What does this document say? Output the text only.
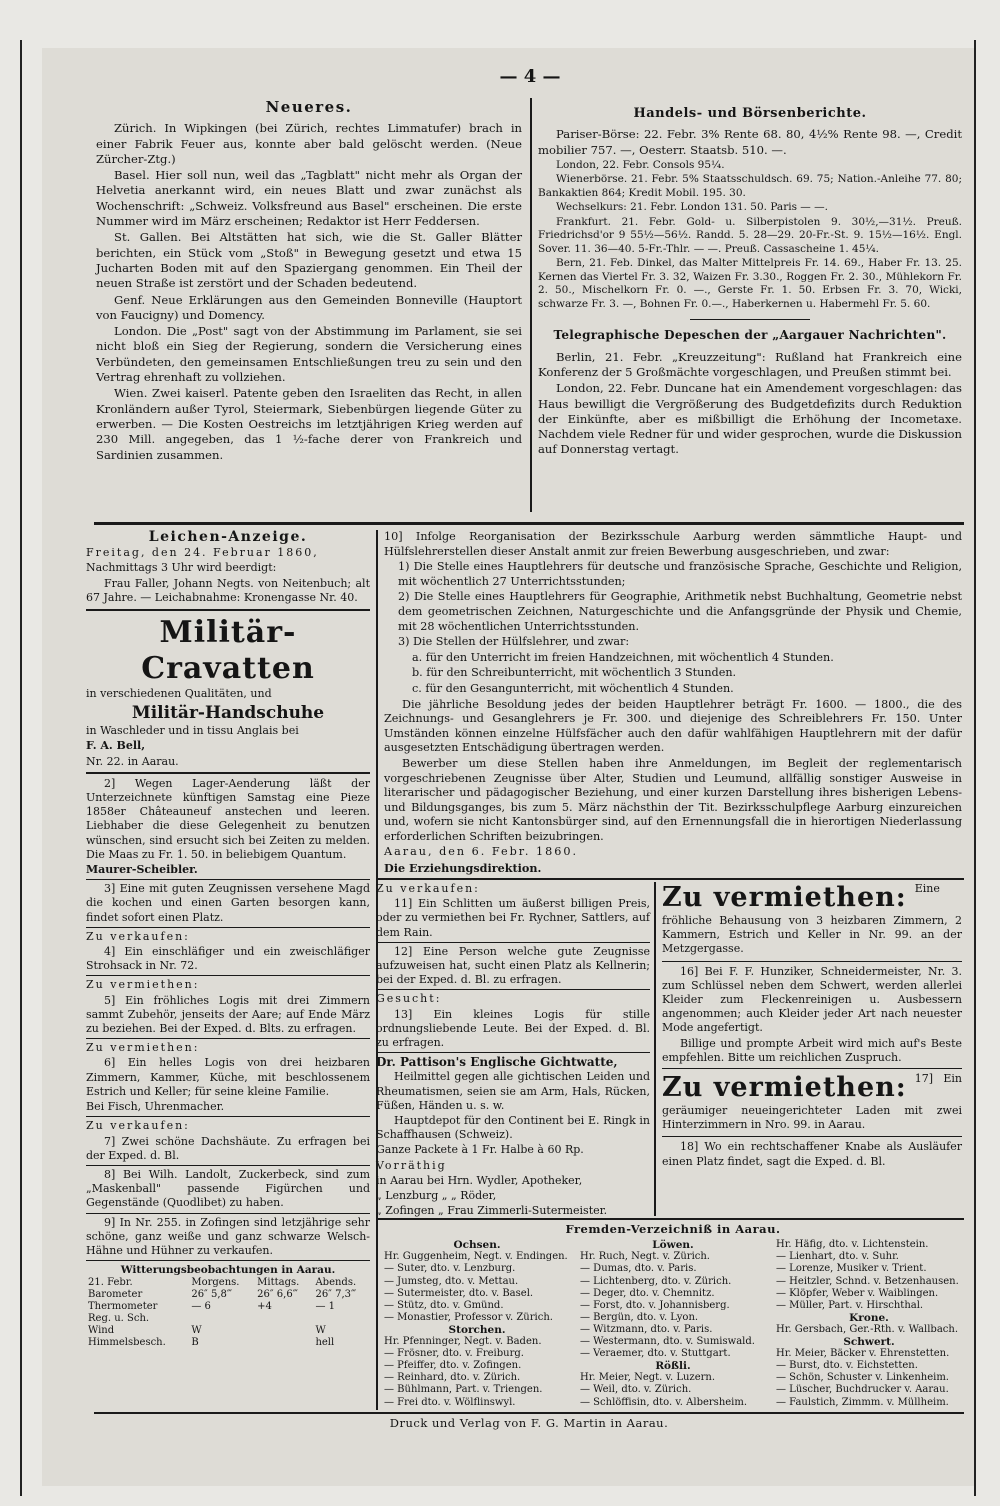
— 4 —
Neueres.

Zürich. In Wipkingen (bei Zürich, rechtes Limmatufer) brach in einer Fabrik Feuer aus, konnte aber bald gelöscht werden. (Neue Zürcher-Ztg.)

Basel. Hier soll nun, weil das „Tagblatt" nicht mehr als Organ der Helvetia anerkannt wird, ein neues Blatt und zwar zunächst als Wochenschrift: „Schweiz. Volksfreund aus Basel" erscheinen. Die erste Nummer wird im März erscheinen; Redaktor ist Herr Feddersen.

St. Gallen. Bei Altstätten hat sich, wie die St. Galler Blätter berichten, ein Stück vom „Stoß" in Bewegung gesetzt und etwa 15 Jucharten Boden mit auf den Spaziergang genommen. Ein Theil der neuen Straße ist zerstört und der Schaden bedeutend.

Genf. Neue Erklärungen aus den Gemeinden Bonneville (Hauptort von Faucigny) und Domency.

London. Die „Post" sagt von der Abstimmung im Parlament, sie sei nicht bloß ein Sieg der Regierung, sondern die Versicherung eines Verbündeten, den gemeinsamen Entschließungen treu zu sein und den Vertrag ehrenhaft zu vollziehen.

Wien. Zwei kaiserl. Patente geben den Israeliten das Recht, in allen Kronländern außer Tyrol, Steiermark, Siebenbürgen liegende Güter zu erwerben. — Die Kosten Oestreichs im letztjährigen Krieg werden auf 230 Mill. angegeben, das 1 ½-fache derer von Frankreich und Sardinien zusammen.

Handels- und Börsenberichte.

Pariser-Börse: 22. Febr. 3% Rente 68. 80, 4½% Rente 98. —, Credit mobilier 757. —, Oesterr. Staatsb. 510. —.

London, 22. Febr. Consols 95¼.

Wienerbörse. 21. Febr. 5% Staatsschuldsch. 69. 75; Nation.-Anleihe 77. 80; Bankaktien 864; Kredit Mobil. 195. 30.

Wechselkurs: 21. Febr. London 131. 50. Paris — —.

Frankfurt. 21. Febr. Gold- u. Silberpistolen 9. 30½,—31½. Preuß. Friedrichsd'or 9 55½—56½. Randd. 5. 28—29. 20-Fr.-St. 9. 15½—16½. Engl. Sover. 11. 36—40. 5-Fr.-Thlr. — —. Preuß. Cassascheine 1. 45¼.

Bern, 21. Feb. Dinkel, das Malter Mittelpreis Fr. 14. 69., Haber Fr. 13. 25. Kernen das Viertel Fr. 3. 32, Waizen Fr. 3.30., Roggen Fr. 2. 30., Mühlekorn Fr. 2. 50., Mischelkorn Fr. 0. —., Gerste Fr. 1. 50. Erbsen Fr. 3. 70, Wicki, schwarze Fr. 3. —, Bohnen Fr. 0.—., Haberkernen u. Habermehl Fr. 5. 60.

Telegraphische Depeschen der „Aargauer Nachrichten".

Berlin, 21. Febr. „Kreuzzeitung": Rußland hat Frankreich eine Konferenz der 5 Großmächte vorgeschlagen, und Preußen stimmt bei.

London, 22. Febr. Duncane hat ein Amendement vorgeschlagen: das Haus bewilligt die Vergrößerung des Budgetdefizits durch Reduktion der Einkünfte, aber es mißbilligt die Erhöhung der Incometaxe. Nachdem viele Redner für und wider gesprochen, wurde die Diskussion auf Donnerstag vertagt.

Leichen-Anzeige.

Freitag, den 24. Februar 1860,

Nachmittags 3 Uhr wird beerdigt:

Frau Faller, Johann Negts. von Neitenbuch; alt 67 Jahre. — Leichabnahme: Kronengasse Nr. 40.

Militär-Cravatten

in verschiedenen Qualitäten, und

Militär-Handschuhe

in Waschleder und in tissu Anglais bei

F. A. Bell,

Nr. 22. in Aarau.

2] Wegen Lager-Aenderung läßt der Unterzeichnete künftigen Samstag eine Pieze 1858er Châteauneuf anstechen und leeren. Liebhaber die diese Gelegenheit zu benutzen wünschen, sind ersucht sich bei Zeiten zu melden. Die Maas zu Fr. 1. 50. in beliebigem Quantum.

Maurer-Scheibler.

3] Eine mit guten Zeugnissen versehene Magd die kochen und einen Garten besorgen kann, findet sofort einen Platz.

Zu verkaufen:

4] Ein einschläfiger und ein zweischläfiger Strohsack in Nr. 72.

Zu vermiethen:

5] Ein fröhliches Logis mit drei Zimmern sammt Zubehör, jenseits der Aare; auf Ende März zu beziehen. Bei der Exped. d. Blts. zu erfragen.

Zu vermiethen:

6] Ein helles Logis von drei heizbaren Zimmern, Kammer, Küche, mit beschlossenem Estrich und Keller; für seine kleine Familie.

Bei Fisch, Uhrenmacher.

Zu verkaufen:

7] Zwei schöne Dachshäute. Zu erfragen bei der Exped. d. Bl.

8] Bei Wilh. Landolt, Zuckerbeck, sind zum „Maskenball" passende Figürchen und Gegenstände (Quodlibet) zu haben.

9] In Nr. 255. in Zofingen sind letzjährige sehr schöne, ganz weiße und ganz schwarze Welsch-Hähne und Hühner zu verkaufen.

Witterungsbeobachtungen in Aarau.
21. Febr.	Morgens.	Mittags.	Abends.
Barometer	26″ 5,8‴	26″ 6,6‴	26″ 7,3‴
Thermometer	— 6	+4	— 1
Reg. u. Sch.			
Wind	W		W
Himmelsbesch.	B		hell

10] Infolge Reorganisation der Bezirksschule Aarburg werden sämmtliche Haupt- und Hülfslehrerstellen dieser Anstalt anmit zur freien Bewerbung ausgeschrieben, und zwar:

1) Die Stelle eines Hauptlehrers für deutsche und französische Sprache, Geschichte und Religion, mit wöchentlich 27 Unterrichtsstunden;

2) Die Stelle eines Hauptlehrers für Geographie, Arithmetik nebst Buchhaltung, Geometrie nebst dem geometrischen Zeichnen, Naturgeschichte und die Anfangsgründe der Physik und Chemie, mit 28 wöchentlichen Unterrichtsstunden.

3) Die Stellen der Hülfslehrer, und zwar:

a. für den Unterricht im freien Handzeichnen, mit wöchentlich 4 Stunden.

b. für den Schreibunterricht, mit wöchentlich 3 Stunden.

c. für den Gesangunterricht, mit wöchentlich 4 Stunden.

Die jährliche Besoldung jedes der beiden Hauptlehrer beträgt Fr. 1600. — 1800., die des Zeichnungs- und Gesanglehrers je Fr. 300. und diejenige des Schreiblehrers Fr. 150. Unter Umständen können einzelne Hülfsfächer auch den dafür wahlfähigen Hauptlehrern mit der dafür ausgesetzten Entschädigung übertragen werden.

Bewerber um diese Stellen haben ihre Anmeldungen, im Begleit der reglementarisch vorgeschriebenen Zeugnisse über Alter, Studien und Leumund, allfällig sonstiger Ausweise in literarischer und pädagogischer Beziehung, und einer kurzen Darstellung ihres bisherigen Lebens- und Bildungsganges, bis zum 5. März nächsthin der Tit. Bezirksschulpflege Aarburg einzureichen und, wofern sie nicht Kantonsbürger sind, auf den Ernennungsfall die in hierortigen Niederlassung erforderlichen Schriften beizubringen.

Aarau, den 6. Febr. 1860.

Die Erziehungsdirektion.

Zu verkaufen:

11] Ein Schlitten um äußerst billigen Preis, oder zu vermiethen bei Fr. Rychner, Sattlers, auf dem Rain.

12] Eine Person welche gute Zeugnisse aufzuweisen hat, sucht einen Platz als Kellnerin; bei der Exped. d. Bl. zu erfragen.

Gesucht:

13] Ein kleines Logis für stille ordnungsliebende Leute. Bei der Exped. d. Bl. zu erfragen.

Dr. Pattison's Englische Gichtwatte,

Heilmittel gegen alle gichtischen Leiden und Rheumatismen, seien sie am Arm, Hals, Rücken, Füßen, Händen u. s. w.

Hauptdepot für den Continent bei E. Ringk in Schaffhausen (Schweiz).

Ganze Packete à 1 Fr. Halbe à 60 Rp.

Vorräthig

in Aarau bei Hrn. Wydler, Apotheker,

„ Lenzburg „ „ Röder,

„ Zofingen „ Frau Zimmerli-Sutermeister.

Zu vermiethen: Eine fröhliche Behausung von 3 heizbaren Zimmern, 2 Kammern, Estrich und Keller in Nr. 99. an der Metzgergasse.

16] Bei F. F. Hunziker, Schneidermeister, Nr. 3. zum Schlüssel neben dem Schwert, werden allerlei Kleider zum Fleckenreinigen u. Ausbessern angenommen; auch Kleider jeder Art nach neuester Mode angefertigt.

Billige und prompte Arbeit wird mich auf's Beste empfehlen. Bitte um reichlichen Zuspruch.

Zu vermiethen: 17] Ein geräumiger neueingerichteter Laden mit zwei Hinterzimmern in Nro. 99. in Aarau.

18] Wo ein rechtschaffener Knabe als Ausläufer einen Platz findet, sagt die Exped. d. Bl.

Fremden-Verzeichniß in Aarau.
Ochsen.
Hr. Guggenheim, Negt. v. Endingen.
— Suter, dto. v. Lenzburg.
— Jumsteg, dto. v. Mettau.
— Sutermeister, dto. v. Basel.
— Stütz, dto. v. Gmünd.
— Monastier, Professor v. Zürich.
Storchen.
Hr. Pfenninger, Negt. v. Baden.
— Frösner, dto. v. Freiburg.
— Pfeiffer, dto. v. Zofingen.
— Reinhard, dto. v. Zürich.
— Bühlmann, Part. v. Triengen.
— Frei dto. v. Wölflinswyl.
Löwen.
Hr. Ruch, Negt. v. Zürich.
— Dumas, dto. v. Paris.
— Lichtenberg, dto. v. Zürich.
— Deger, dto. v. Chemnitz.
— Forst, dto. v. Johannisberg.
— Bergün, dto. v. Lyon.
— Witzmann, dto. v. Paris.
— Westermann, dto. v. Sumiswald.
— Veraemer, dto. v. Stuttgart.
Rößli.
Hr. Meier, Negt. v. Luzern.
— Weil, dto. v. Zürich.
— Schlöffisin, dto. v. Albersheim.
Hr. Häfig, dto. v. Lichtenstein.
— Lienhart, dto. v. Suhr.
— Lorenze, Musiker v. Trient.
— Heitzler, Schnd. v. Betzenhausen.
— Klöpfer, Weber v. Waiblingen.
— Müller, Part. v. Hirschthal.
Krone.
Hr. Gersbach, Ger.-Rth. v. Wallbach.
Schwert.
Hr. Meier, Bäcker v. Ehrenstetten.
— Burst, dto. v. Eichstetten.
— Schön, Schuster v. Linkenheim.
— Lüscher, Buchdrucker v. Aarau.
— Faulstich, Zimmm. v. Müllheim.
Druck und Verlag von F. G. Martin in Aarau.
